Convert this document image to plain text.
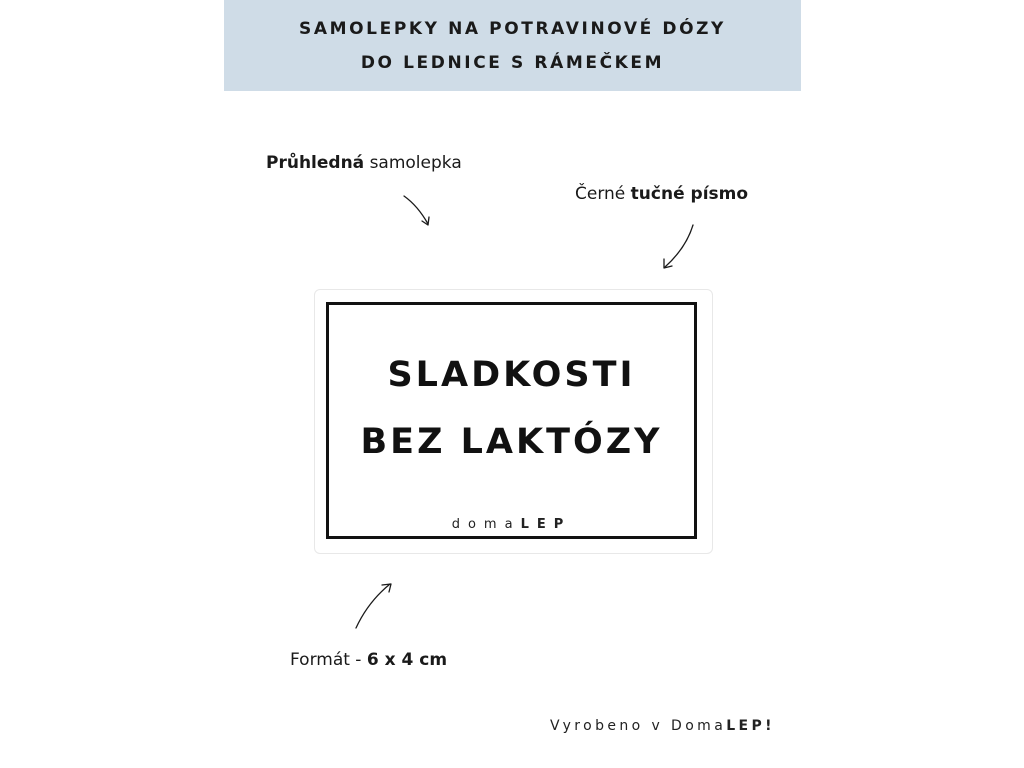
SAMOLEPKY NA POTRAVINOVÉ DÓZY
DO LEDNICE S RÁMEČKEM
Průhledná samolepka
Černé tučné písmo
SLADKOSTI
BEZ LAKTÓZY
domaLEP
Formát - 6 x 4 cm
Vyrobeno v DomaLEP!
